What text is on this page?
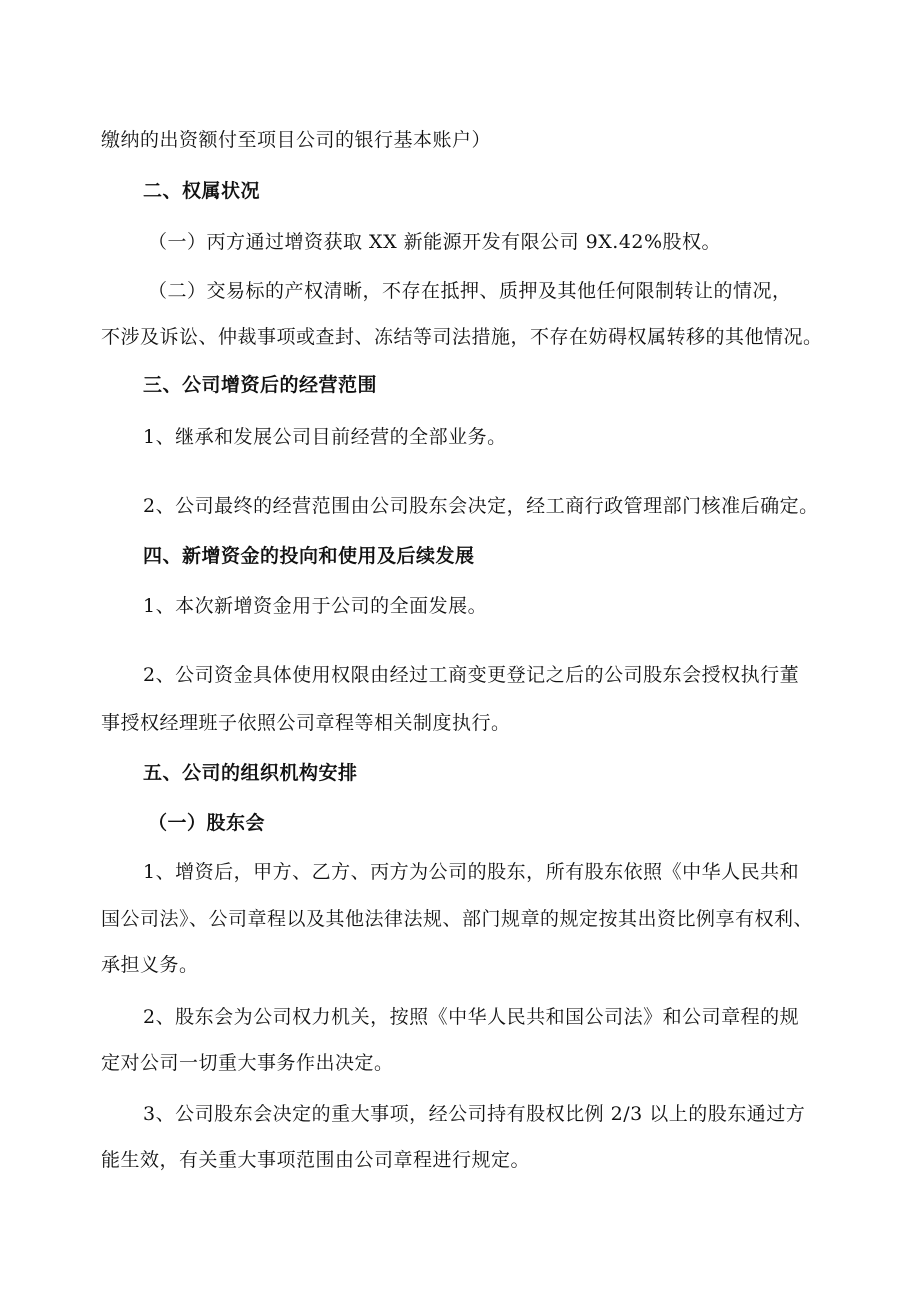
缴纳的出资额付至项目公司的银行基本账户）
二、权属状况
（一）丙方通过增资获取 XX 新能源开发有限公司 9X.42%股权。
（二）交易标的产权清晰，不存在抵押、质押及其他任何限制转让的情况，
不涉及诉讼、仲裁事项或查封、冻结等司法措施，不存在妨碍权属转移的其他情况。
三、公司增资后的经营范围
1、继承和发展公司目前经营的全部业务。
2、公司最终的经营范围由公司股东会决定，经工商行政管理部门核准后确定。
四、新增资金的投向和使用及后续发展
1、本次新增资金用于公司的全面发展。
2、公司资金具体使用权限由经过工商变更登记之后的公司股东会授权执行董
事授权经理班子依照公司章程等相关制度执行。
五、公司的组织机构安排
（一）股东会
1、增资后，甲方、乙方、丙方为公司的股东，所有股东依照《中华人民共和
国公司法》、公司章程以及其他法律法规、部门规章的规定按其出资比例享有权利、
承担义务。
2、股东会为公司权力机关，按照《中华人民共和国公司法》和公司章程的规
定对公司一切重大事务作出决定。
3、公司股东会决定的重大事项，经公司持有股权比例 2/3 以上的股东通过方
能生效，有关重大事项范围由公司章程进行规定。
